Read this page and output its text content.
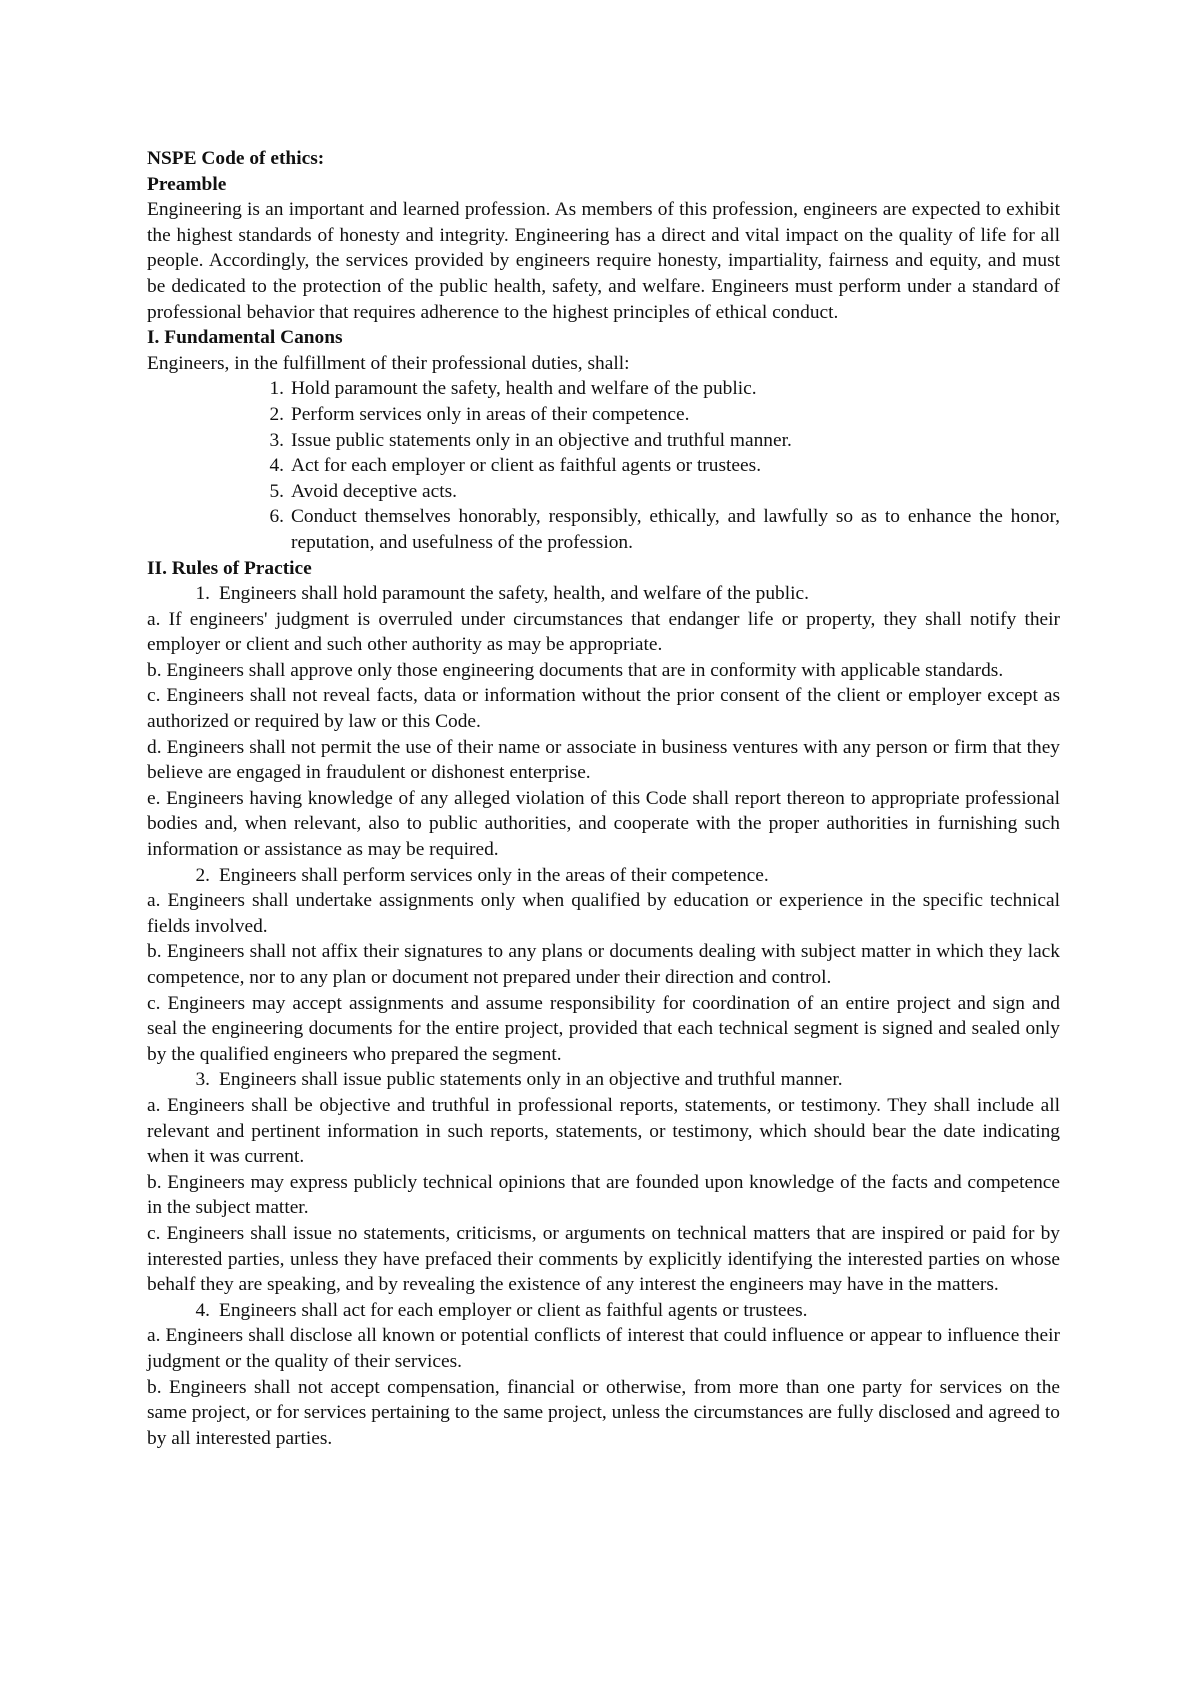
NSPE Code of ethics:

Preamble

Engineering is an important and learned profession. As members of this profession, engineers are expected to exhibit the highest standards of honesty and integrity. Engineering has a direct and vital impact on the quality of life for all people. Accordingly, the services provided by engineers require honesty, impartiality, fairness and equity, and must be dedicated to the protection of the public health, safety, and welfare. Engineers must perform under a standard of professional behavior that requires adherence to the highest principles of ethical conduct.

I. Fundamental Canons

Engineers, in the fulfillment of their professional duties, shall:

1. Hold paramount the safety, health and welfare of the public.
2. Perform services only in areas of their competence.
3. Issue public statements only in an objective and truthful manner.
4. Act for each employer or client as faithful agents or trustees.
5. Avoid deceptive acts.
6. Conduct themselves honorably, responsibly, ethically, and lawfully so as to enhance the honor, reputation, and usefulness of the profession.

II. Rules of Practice

1. Engineers shall hold paramount the safety, health, and welfare of the public.

a. If engineers' judgment is overruled under circumstances that endanger life or property, they shall notify their employer or client and such other authority as may be appropriate.

b. Engineers shall approve only those engineering documents that are in conformity with applicable standards.

c. Engineers shall not reveal facts, data or information without the prior consent of the client or employer except as authorized or required by law or this Code.

d. Engineers shall not permit the use of their name or associate in business ventures with any person or firm that they believe are engaged in fraudulent or dishonest enterprise.

e. Engineers having knowledge of any alleged violation of this Code shall report thereon to appropriate professional bodies and, when relevant, also to public authorities, and cooperate with the proper authorities in furnishing such information or assistance as may be required.

2. Engineers shall perform services only in the areas of their competence.

a. Engineers shall undertake assignments only when qualified by education or experience in the specific technical fields involved.

b. Engineers shall not affix their signatures to any plans or documents dealing with subject matter in which they lack competence, nor to any plan or document not prepared under their direction and control.

c. Engineers may accept assignments and assume responsibility for coordination of an entire project and sign and seal the engineering documents for the entire project, provided that each technical segment is signed and sealed only by the qualified engineers who prepared the segment.

3. Engineers shall issue public statements only in an objective and truthful manner.

a. Engineers shall be objective and truthful in professional reports, statements, or testimony. They shall include all relevant and pertinent information in such reports, statements, or testimony, which should bear the date indicating when it was current.

b. Engineers may express publicly technical opinions that are founded upon knowledge of the facts and competence in the subject matter.

c. Engineers shall issue no statements, criticisms, or arguments on technical matters that are inspired or paid for by interested parties, unless they have prefaced their comments by explicitly identifying the interested parties on whose behalf they are speaking, and by revealing the existence of any interest the engineers may have in the matters.

4. Engineers shall act for each employer or client as faithful agents or trustees.

a. Engineers shall disclose all known or potential conflicts of interest that could influence or appear to influence their judgment or the quality of their services.

b. Engineers shall not accept compensation, financial or otherwise, from more than one party for services on the same project, or for services pertaining to the same project, unless the circumstances are fully disclosed and agreed to by all interested parties.
